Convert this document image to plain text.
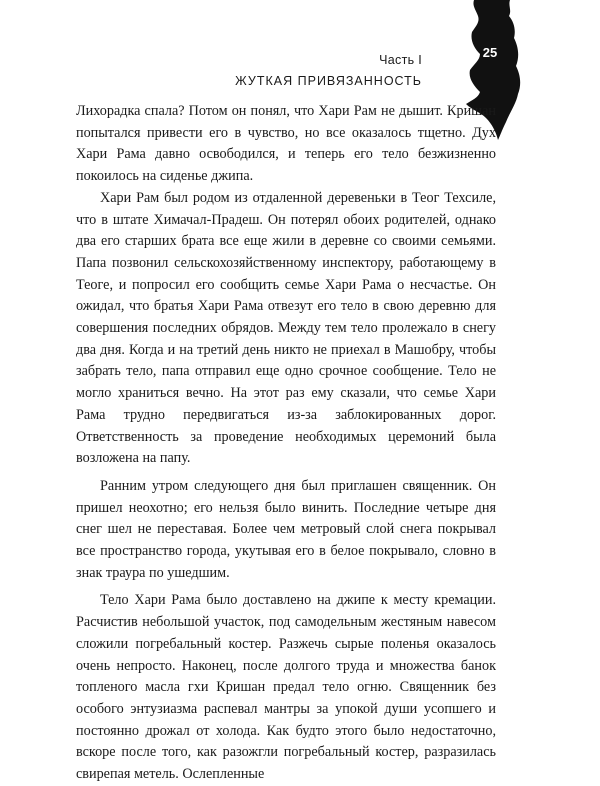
Часть I
ЖУТКАЯ ПРИВЯЗАННОСТЬ
25

Лихорадка спала? Потом он понял, что Хари Рам не дышит. Кришан попытался привести его в чувство, но все оказалось тщетно. Дух Хари Рама давно освободился, и теперь его тело безжизненно покоилось на сиденье джипа.

Хари Рам был родом из отдаленной деревеньки в Теог Техсиле, что в штате Химачал-Прадеш. Он потерял обоих родителей, однако два его старших брата все еще жили в деревне со своими семьями. Папа позвонил сельскохозяйственному инспектору, работающему в Теоге, и попросил его сообщить семье Хари Рама о несчастье. Он ожидал, что братья Хари Рама отвезут его тело в свою деревню для совершения последних обрядов. Между тем тело пролежало в снегу два дня. Когда и на третий день никто не приехал в Машобру, чтобы забрать тело, папа отправил еще одно срочное сообщение. Тело не могло храниться вечно. На этот раз ему сказали, что семье Хари Рама трудно передвигаться из-за заблокированных дорог. Ответственность за проведение необходимых церемоний была возложена на папу.

Ранним утром следующего дня был приглашен священник. Он пришел неохотно; его нельзя было винить. Последние четыре дня снег шел не переставая. Более чем метровый слой снега покрывал все пространство города, укутывая его в белое покрывало, словно в знак траура по ушедшим.

Тело Хари Рама было доставлено на джипе к месту кремации. Расчистив небольшой участок, под самодельным жестяным навесом сложили погребальный костер. Разжечь сырые поленья оказалось очень непросто. Наконец, после долгого труда и множества банок топленого масла гхи Кришан предал тело огню. Священник без особого энтузиазма распевал мантры за упокой души усопшего и постоянно дрожал от холода. Как будто этого было недостаточно, вскоре после того, как разожгли погребальный костер, разразилась свирепая метель. Ослепленные
